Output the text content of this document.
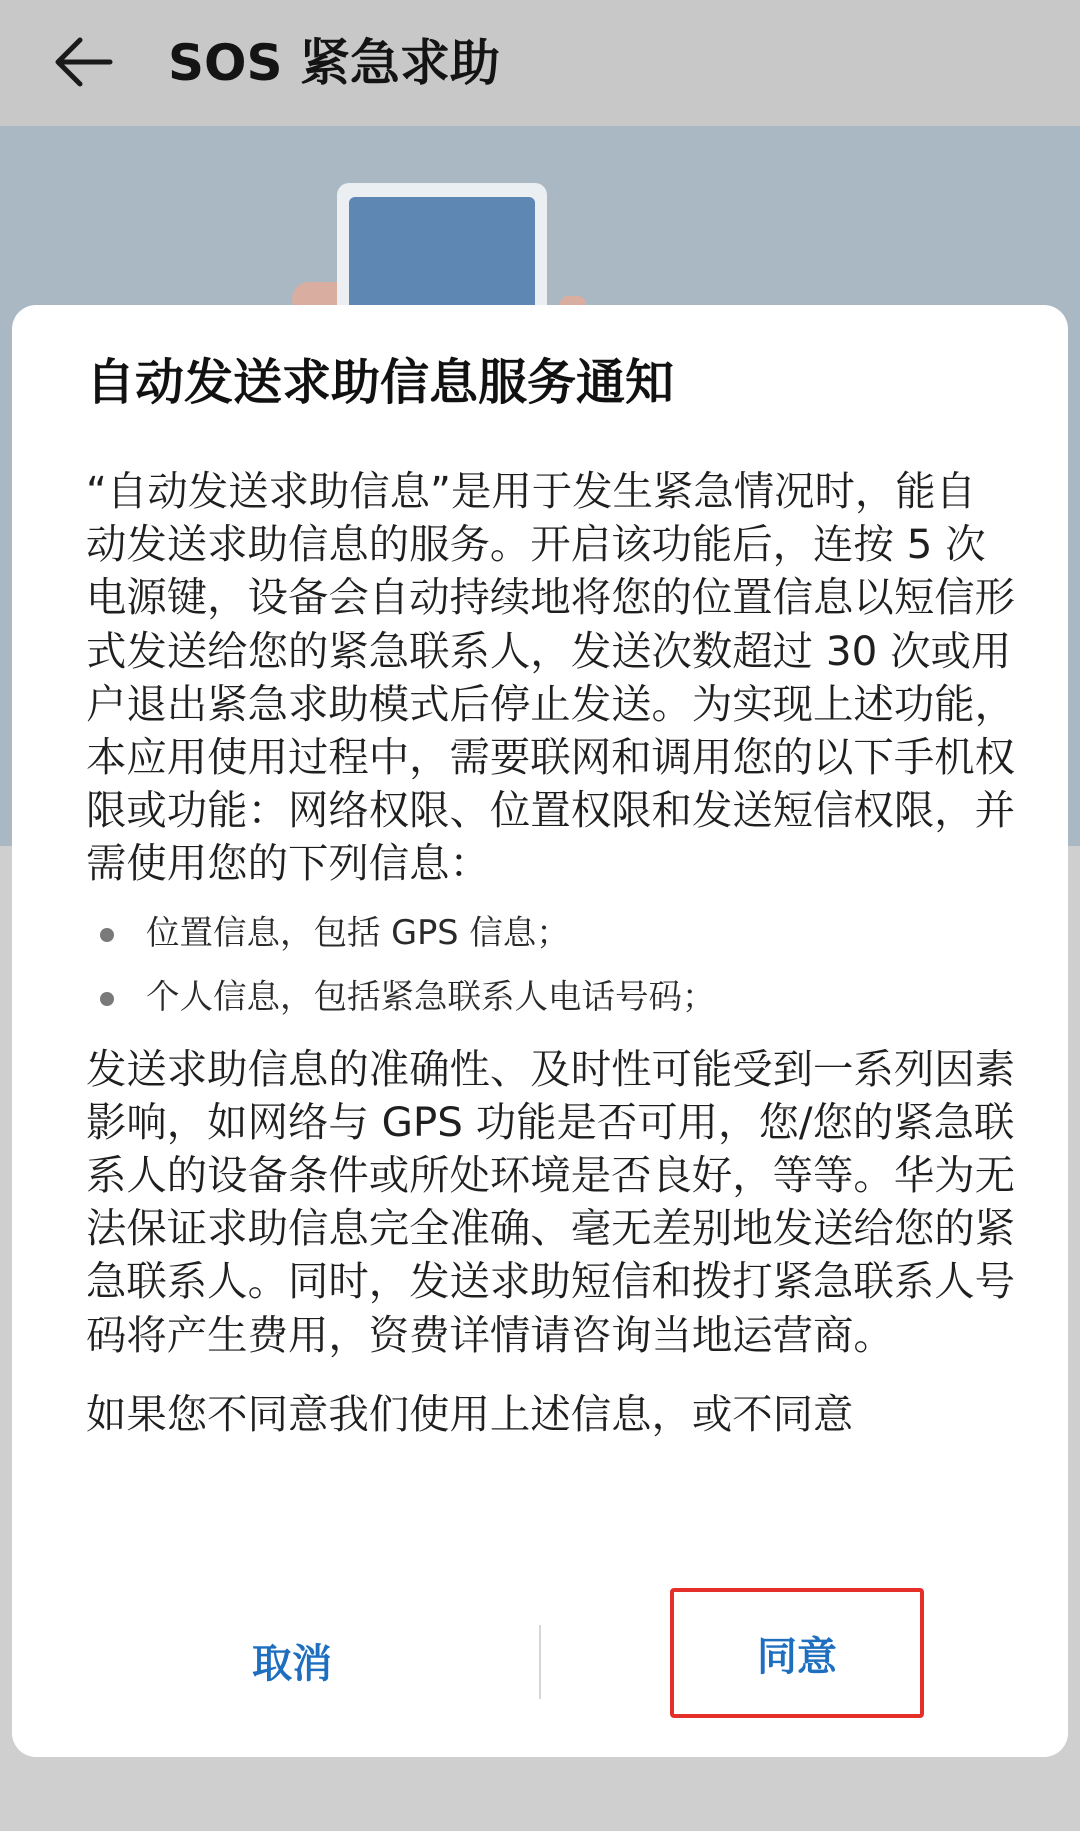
SOS 紧急求助
自动发送求助信息服务通知

“自动发送求助信息”是用于发生紧急情况时，能自动发送求助信息的服务。开启该功能后，连按 5 次电源键，设备会自动持续地将您的位置信息以短信形式发送给您的紧急联系人，发送次数超过 30 次或用户退出紧急求助模式后停止发送。为实现上述功能，本应用使用过程中，需要联网和调用您的以下手机权限或功能：网络权限、位置权限和发送短信权限，并需使用您的下列信息：

位置信息，包括 GPS 信息；
个人信息，包括紧急联系人电话号码；

发送求助信息的准确性、及时性可能受到一系列因素影响，如网络与 GPS 功能是否可用，您/您的紧急联系人的设备条件或所处环境是否良好，等等。华为无法保证求助信息完全准确、毫无差别地发送给您的紧急联系人。同时，发送求助短信和拨打紧急联系人号码将产生费用，资费详情请咨询当地运营商。

如果您不同意我们使用上述信息，或不同意

取消	同意
